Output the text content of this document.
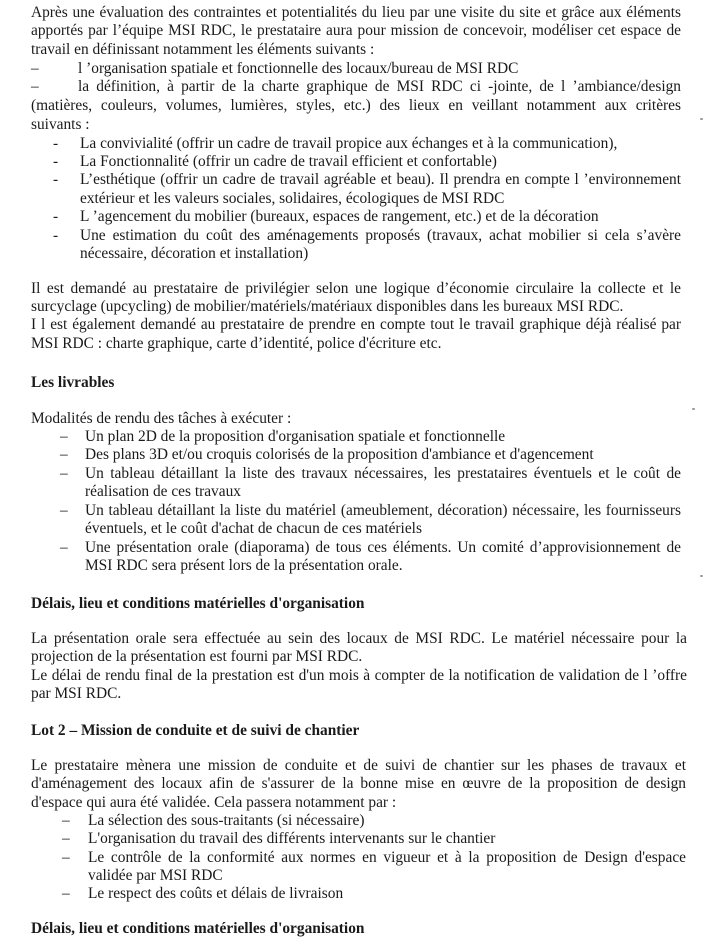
Après une évaluation des contraintes et potentialités du lieu par une visite du site et grâce aux éléments

apportés par l’équipe MSI RDC, le prestataire aura pour mission de concevoir, modéliser cet espace de

travail en définissant notamment les éléments suivants :

–	l ’organisation spatiale et fonctionnelle des locaux/bureau de MSI RDC

–	la définition, à partir de la charte graphique de MSI RDC ci -jointe, de l ’ambiance/design

(matières, couleurs, volumes, lumières, styles, etc.) des lieux en veillant notamment aux critères

suivants :

- La convivialité (offrir un cadre de travail propice aux échanges et à la communication),

- La Fonctionnalité (offrir un cadre de travail efficient et confortable)

- L’esthétique (offrir un cadre de travail agréable et beau). Il prendra en compte l ’environnement

extérieur et les valeurs sociales, solidaires, écologiques de MSI RDC

- L ’agencement du mobilier (bureaux, espaces de rangement, etc.) et de la décoration

- Une estimation du coût des aménagements proposés (travaux, achat mobilier si cela s’avère

nécessaire, décoration et installation)

Il est demandé au prestataire de privilégier selon une logique d’économie circulaire la collecte et le

surcyclage (upcycling) de mobilier/matériels/matériaux disponibles dans les bureaux MSI RDC.

I l est également demandé au prestataire de prendre en compte tout le travail graphique déjà réalisé par

MSI RDC : charte graphique, carte d’identité, police d'écriture etc.

Les livrables

Modalités de rendu des tâches à exécuter :

– Un plan 2D de la proposition d'organisation spatiale et fonctionnelle

– Des plans 3D et/ou croquis colorisés de la proposition d'ambiance et d'agencement

– Un tableau détaillant la liste des travaux nécessaires, les prestataires éventuels et le coût de

réalisation de ces travaux

– Un tableau détaillant la liste du matériel (ameublement, décoration) nécessaire, les fournisseurs

éventuels, et le coût d'achat de chacun de ces matériels

– Une présentation orale (diaporama) de tous ces éléments. Un comité d’approvisionnement de

MSI RDC sera présent lors de la présentation orale.

Délais, lieu et conditions matérielles d'organisation

La présentation orale sera effectuée au sein des locaux de MSI RDC. Le matériel nécessaire pour la

projection de la présentation est fourni par MSI RDC.

Le délai de rendu final de la prestation est d'un mois à compter de la notification de validation de l ’offre

par MSI RDC.

Lot 2 – Mission de conduite et de suivi de chantier

Le prestataire mènera une mission de conduite et de suivi de chantier sur les phases de travaux et

d'aménagement des locaux afin de s'assurer de la bonne mise en œuvre de la proposition de design

d'espace qui aura été validée. Cela passera notamment par :

– La sélection des sous-traitants (si nécessaire)

– L'organisation du travail des différents intervenants sur le chantier

– Le contrôle de la conformité aux normes en vigueur et à la proposition de Design d'espace

validée par MSI RDC

– Le respect des coûts et délais de livraison

Délais, lieu et conditions matérielles d'organisation
